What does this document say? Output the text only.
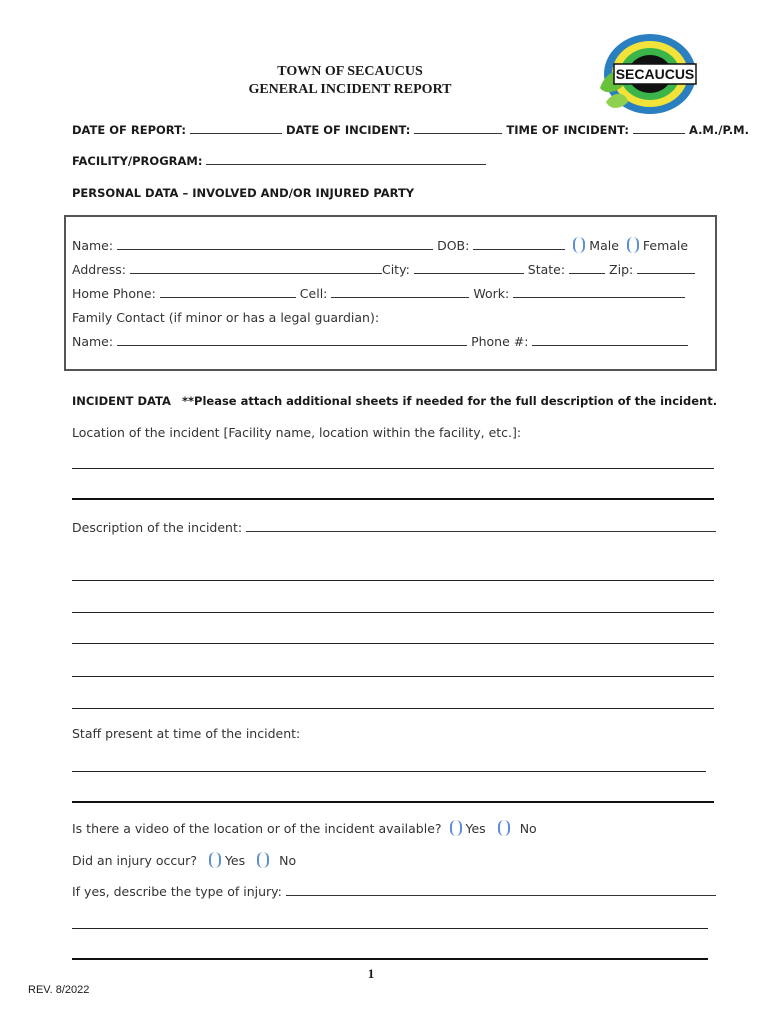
SECAUCUS
TOWN OF SECAUCUS
GENERAL INCIDENT REPORT
DATE OF REPORT:	DATE OF INCIDENT:	TIME OF INCIDENT:	A.M./P.M.
FACILITY/PROGRAM:
PERSONAL DATA – INVOLVED AND/OR INJURED PARTY
Name:	DOB:	Male Female
Address:	City:	State:	Zip:
Home Phone:	Cell:	Work:
Family Contact (if minor or has a legal guardian):
Name:	Phone #:
INCIDENT DATA **Please attach additional sheets if needed for the full description of the incident.
Location of the incident [Facility name, location within the facility, etc.]:
Description of the incident:
Staff present at time of the incident:
Is there a video of the location or of the incident available? Yes	No
Did an injury occur? Yes	No
If yes, describe the type of injury:
1
REV. 8/2022
